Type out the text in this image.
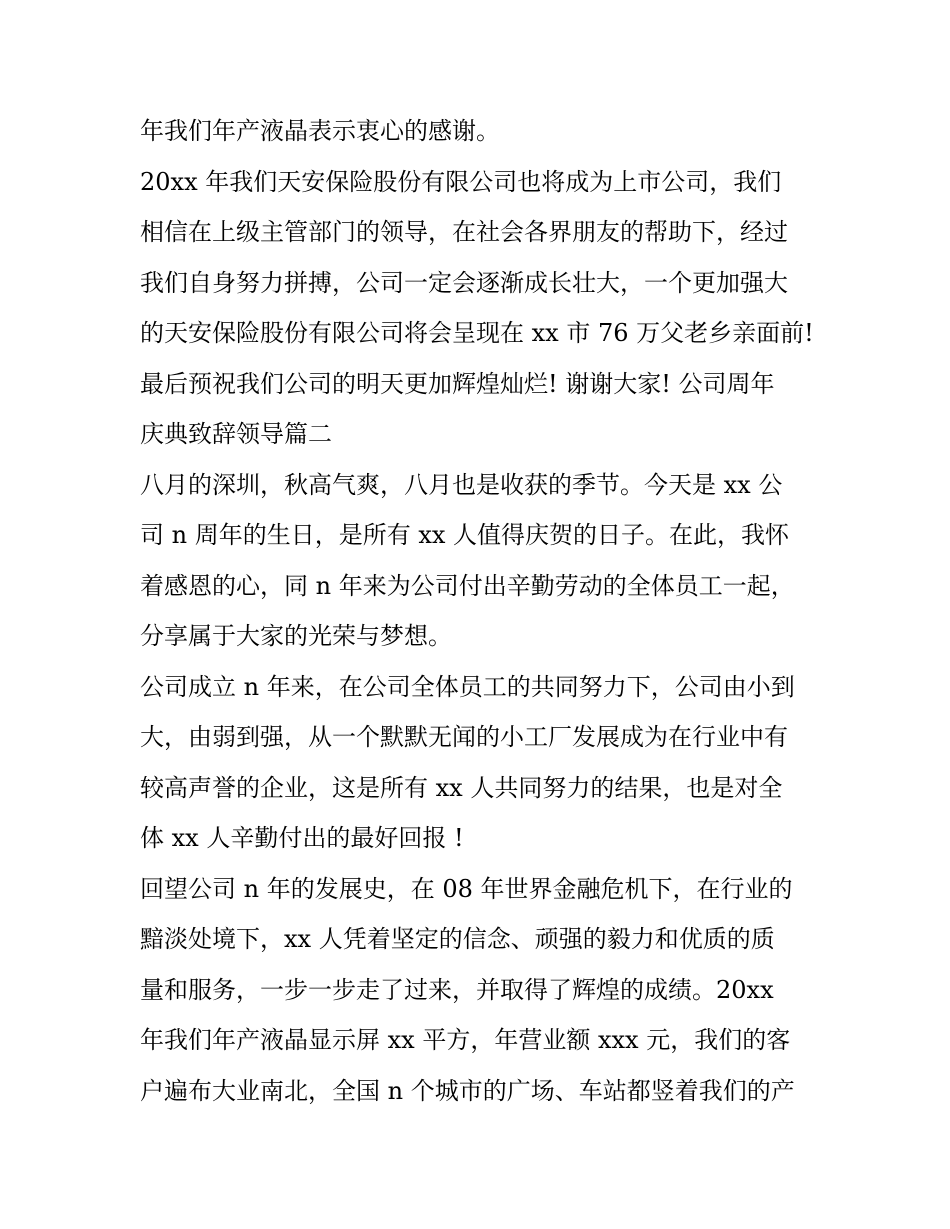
年我们年产液晶表示衷心的感谢。
20xx 年我们天安保险股份有限公司也将成为上市公司，我们
相信在上级主管部门的领导，在社会各界朋友的帮助下，经过
我们自身努力拼搏，公司一定会逐渐成长壮大，一个更加强大
的天安保险股份有限公司将会呈现在 xx 市 76 万父老乡亲面前!
最后预祝我们公司的明天更加辉煌灿烂! 谢谢大家! 公司周年
庆典致辞领导篇二
八月的深圳，秋高气爽，八月也是收获的季节。今天是 xx 公
司 n 周年的生日，是所有 xx 人值得庆贺的日子。在此，我怀
着感恩的心，同 n 年来为公司付出辛勤劳动的全体员工一起，
分享属于大家的光荣与梦想。
公司成立 n 年来，在公司全体员工的共同努力下，公司由小到
大，由弱到强，从一个默默无闻的小工厂发展成为在行业中有
较高声誉的企业，这是所有 xx 人共同努力的结果，也是对全
体 xx 人辛勤付出的最好回报 !
回望公司 n 年的发展史，在 08 年世界金融危机下，在行业的
黯淡处境下，xx 人凭着坚定的信念、顽强的毅力和优质的质
量和服务，一步一步走了过来，并取得了辉煌的成绩。20xx
年我们年产液晶显示屏 xx 平方，年营业额 xxx 元，我们的客
户遍布大业南北，全国 n 个城市的广场、车站都竖着我们的产
